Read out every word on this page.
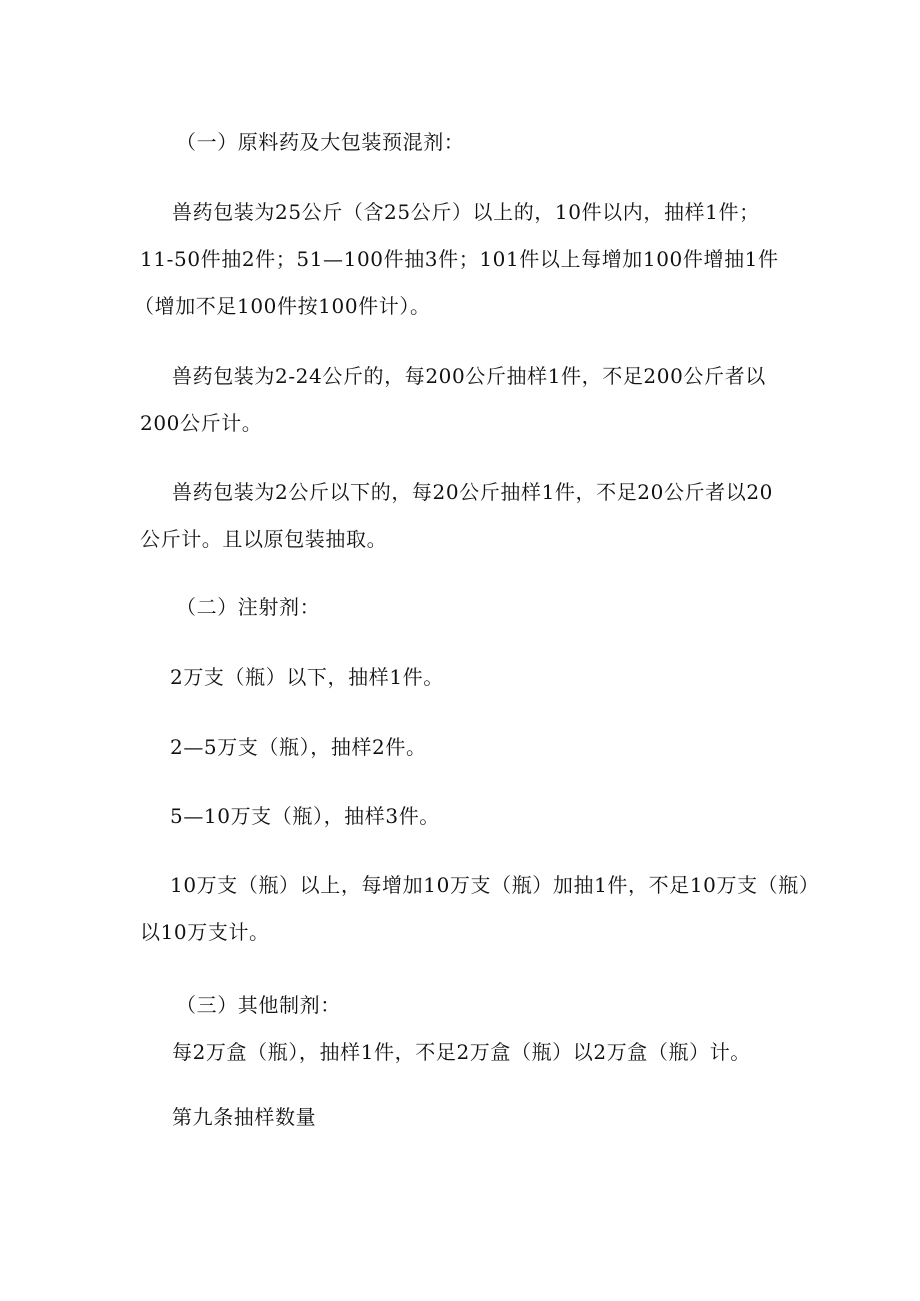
（一）原料药及大包装预混剂：
兽药包装为25公斤（含25公斤）以上的，10件以内，抽样1件；
11-50件抽2件；51—100件抽3件；101件以上每增加100件增抽1件
（增加不足100件按100件计）。
兽药包装为2-24公斤的，每200公斤抽样1件，不足200公斤者以
200公斤计。
兽药包装为2公斤以下的，每20公斤抽样1件，不足20公斤者以20
公斤计。且以原包装抽取。
（二）注射剂：
2万支（瓶）以下，抽样1件。
2—5万支（瓶），抽样2件。
5—10万支（瓶），抽样3件。
10万支（瓶）以上，每增加10万支（瓶）加抽1件，不足10万支（瓶）
以10万支计。
（三）其他制剂：
每2万盒（瓶），抽样1件，不足2万盒（瓶）以2万盒（瓶）计。
第九条抽样数量
